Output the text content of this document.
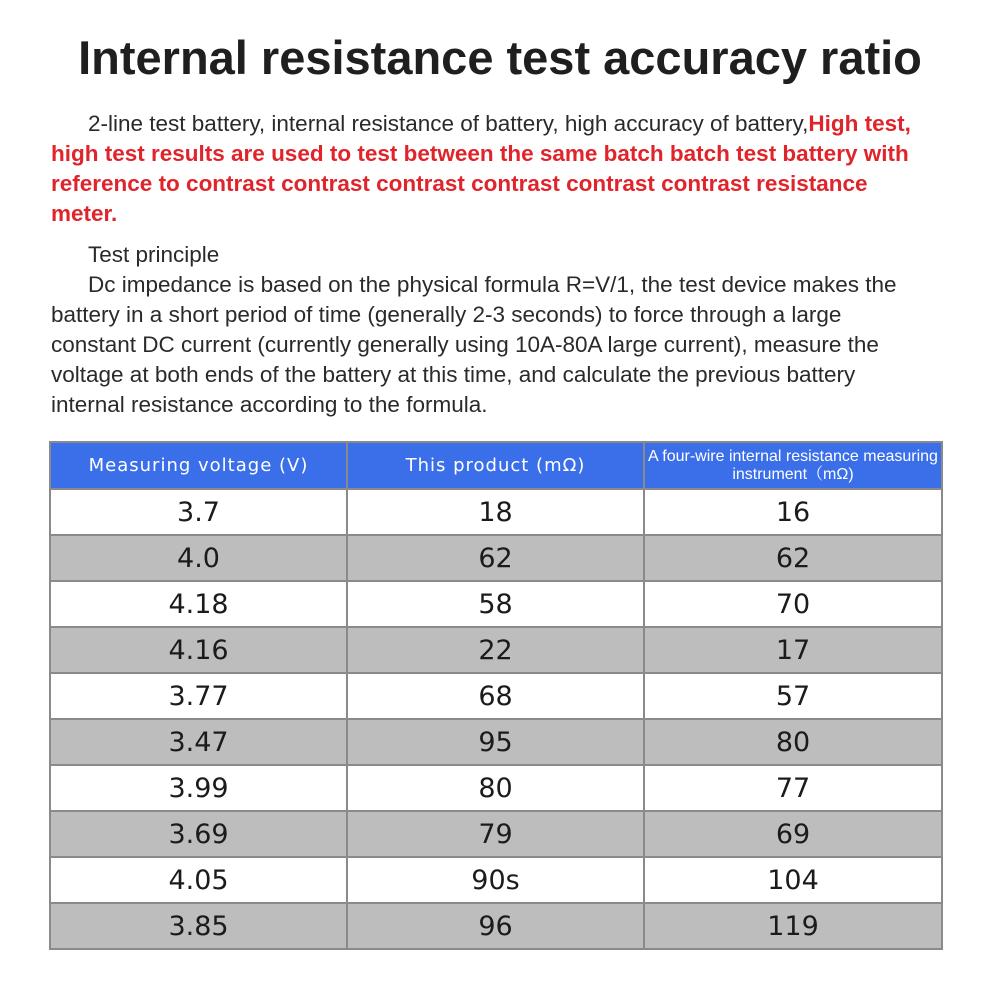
Internal resistance test accuracy ratio
2-line test battery, internal resistance of battery, high accuracy of battery,High test, high test results are used to test between the same batch batch test battery with reference to contrast contrast contrast contrast contrast contrast resistance meter.
Test principle
Dc impedance is based on the physical formula R=V/1, the test device makes the battery in a short period of time (generally 2-3 seconds) to force through a large constant DC current (currently generally using 10A-80A large current), measure the voltage at both ends of the battery at this time, and calculate the previous battery internal resistance according to the formula.
Measuring voltage (V)	This product (mΩ)	A four-wire internal resistance measuring instrument（mΩ)
3.7	18	16
4.0	62	62
4.18	58	70
4.16	22	17
3.77	68	57
3.47	95	80
3.99	80	77
3.69	79	69
4.05	90s	104
3.85	96	119
